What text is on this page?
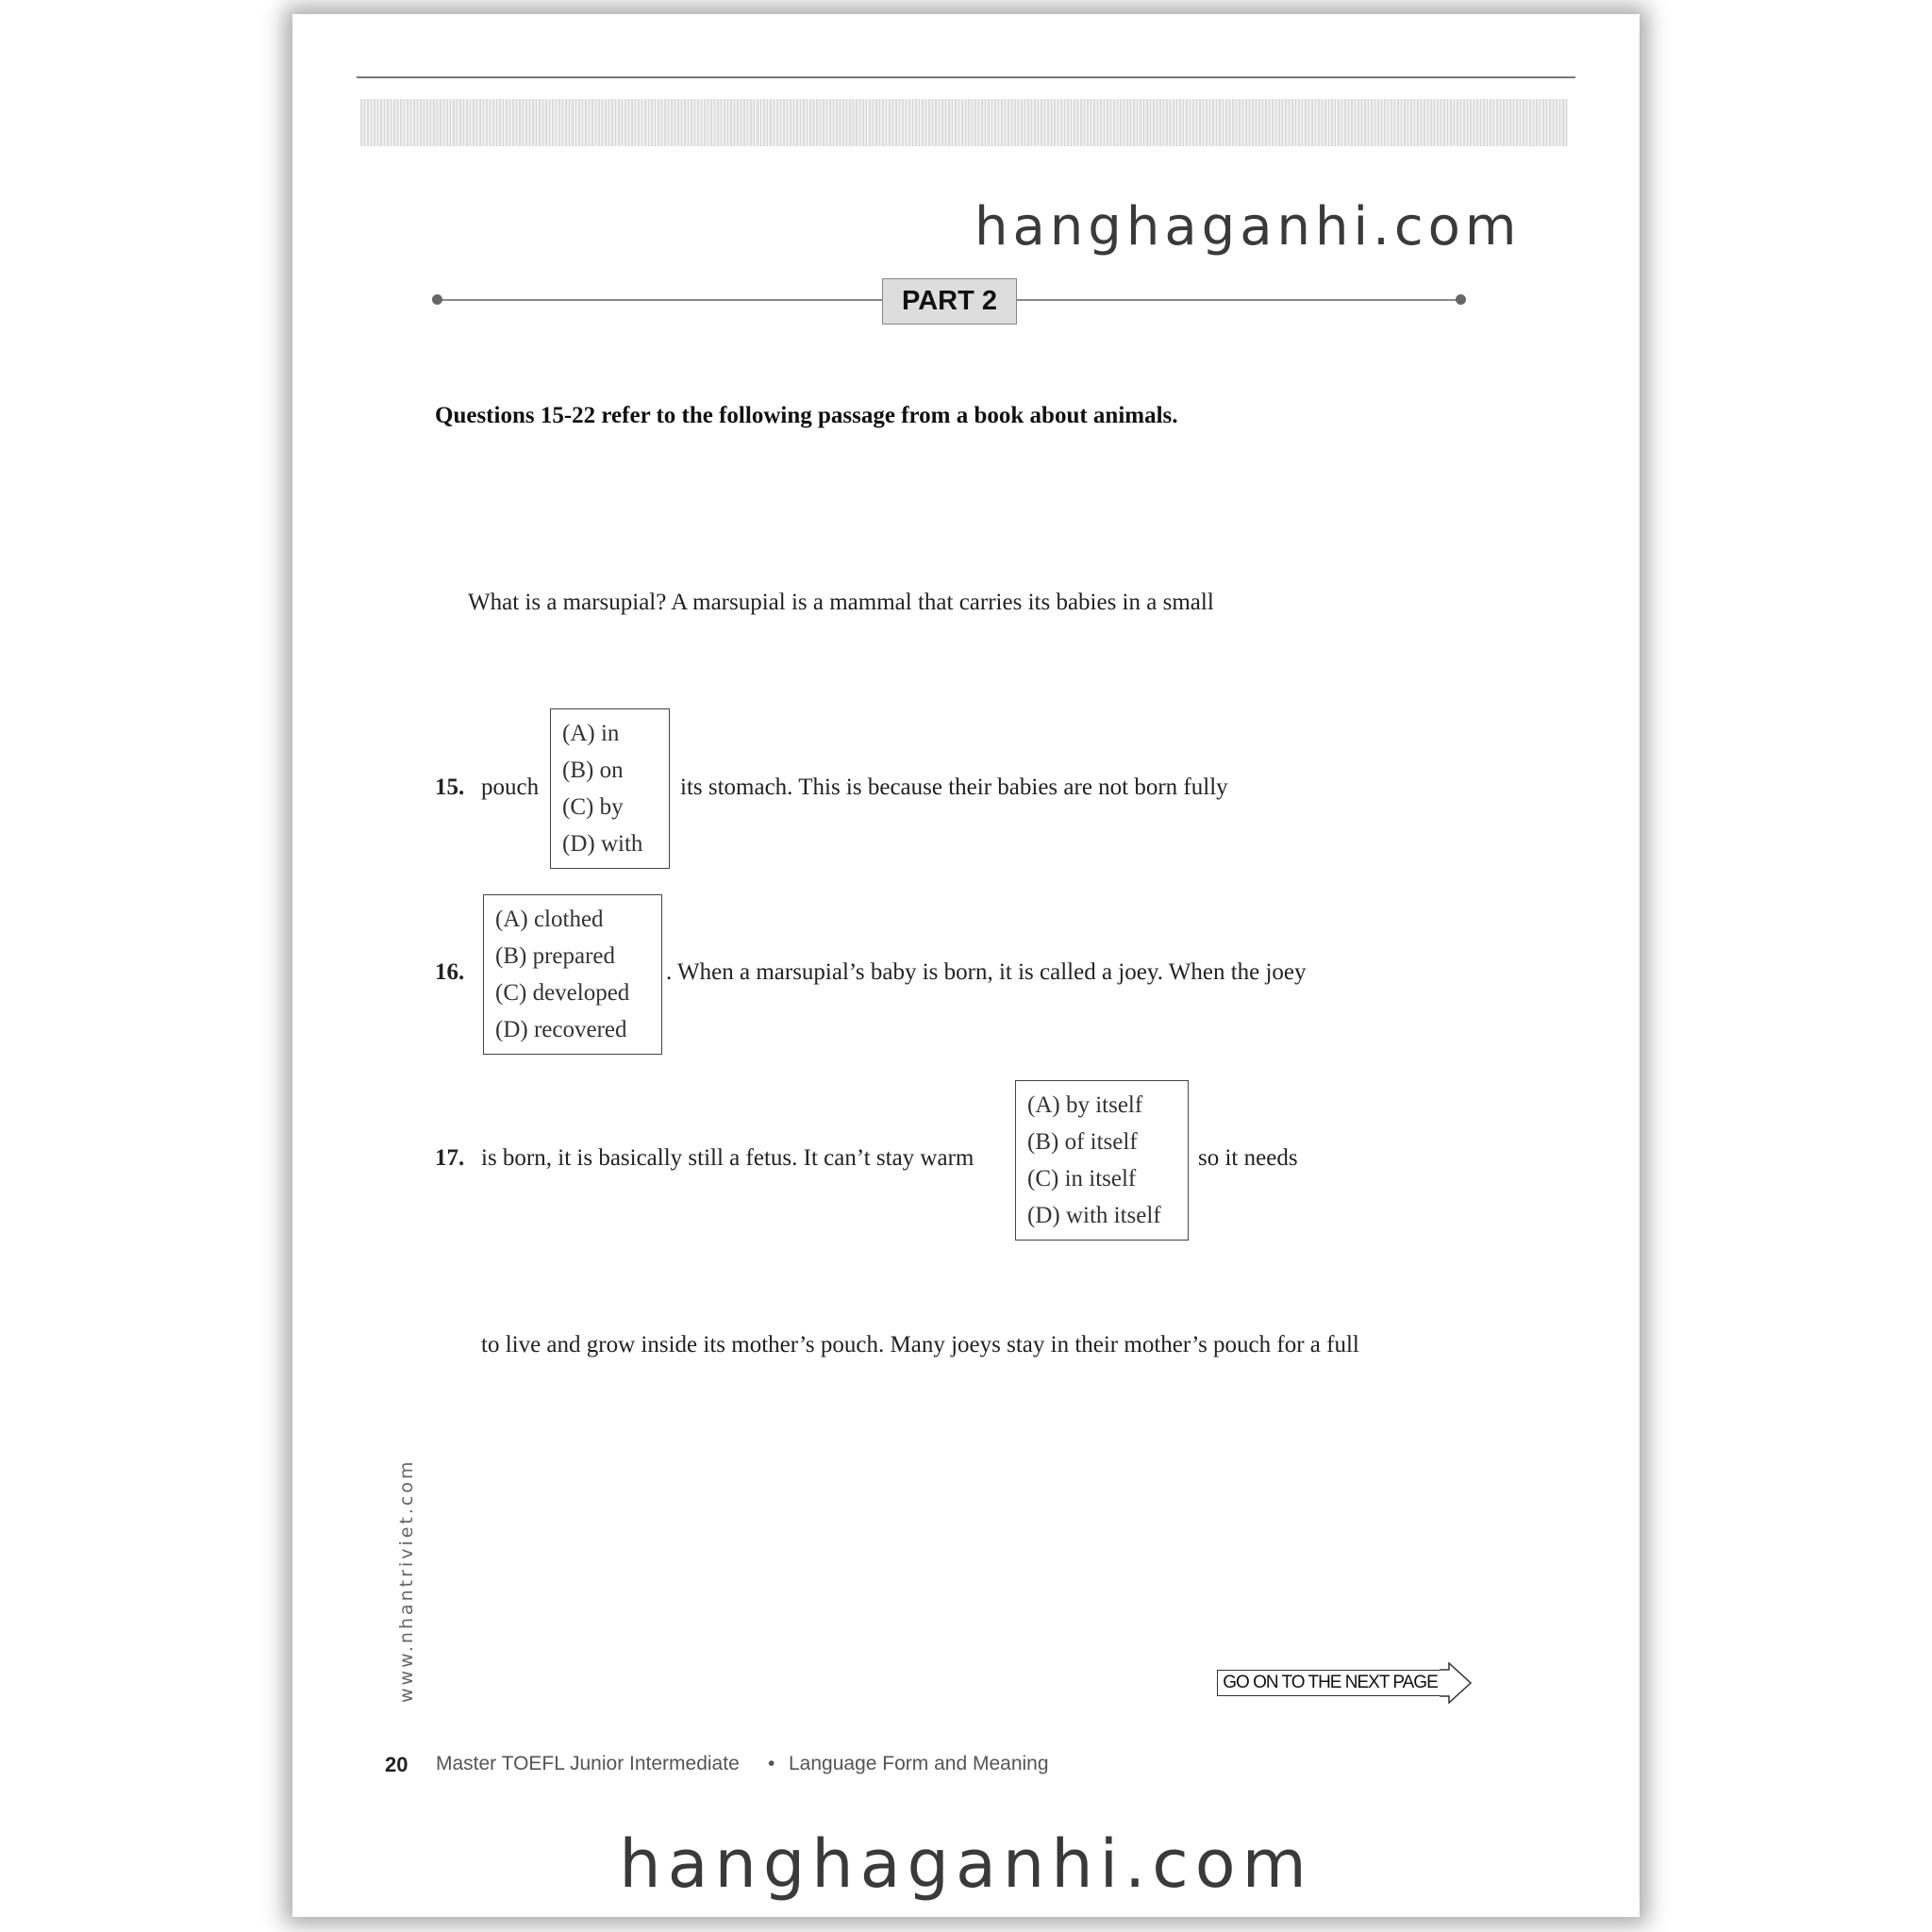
hanghaganhi.com
PART 2
Questions 15-22 refer to the following passage from a book about animals.
What is a marsupial? A marsupial is a mammal that carries its babies in a small
15. pouch
(A) in
(B) on
(C) by
(D) with
its stomach. This is because their babies are not born fully
16.
(A) clothed
(B) prepared
(C) developed
(D) recovered
. When a marsupial’s baby is born, it is called a joey. When the joey
17. is born, it is basically still a fetus. It can’t stay warm
(A) by itself
(B) of itself
(C) in itself
(D) with itself
so it needs
to live and grow inside its mother’s pouch. Many joeys stay in their mother’s pouch for a full
www.nhantriviet.com	GO ON TO THE NEXT PAGE
20 Master TOEFL Junior Intermediate • Language Form and Meaning
hanghaganhi.com
